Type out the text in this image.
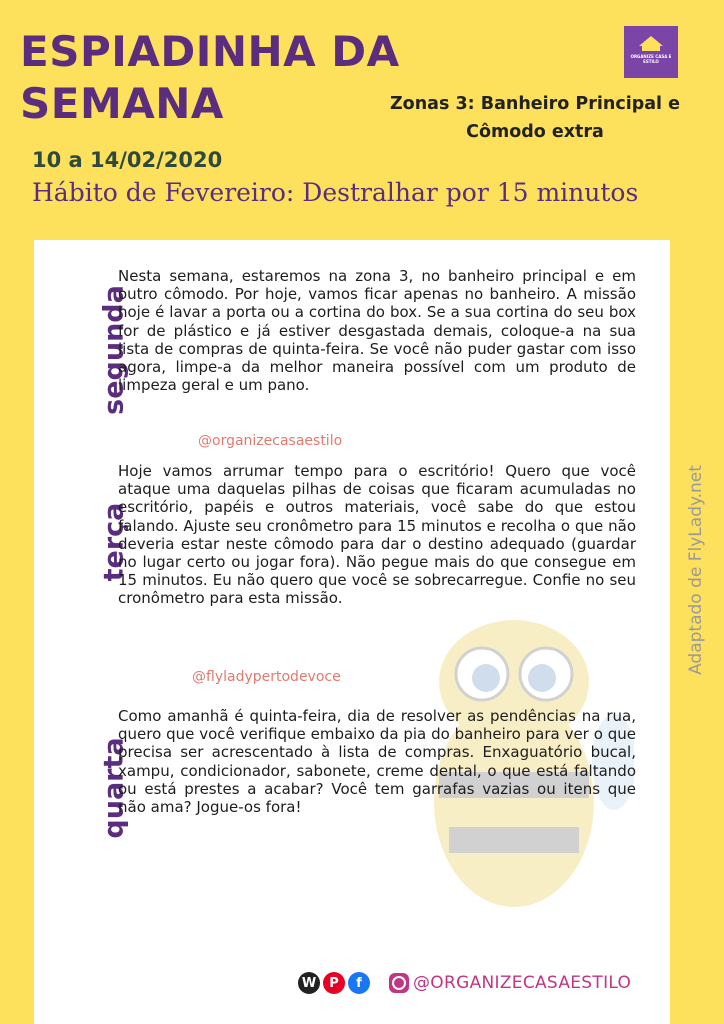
ESPIADINHA DA
SEMANA
ORGANIZE CASA E ESTILO
Zonas 3: Banheiro Principal e
Cômodo extra
10 a 14/02/2020
Hábito de Fevereiro: Destralhar por 15 minutos
Adaptado de FlyLady.net
segunda

Nesta semana, estaremos na zona 3, no banheiro principal e em outro cômodo. Por hoje, vamos ficar apenas no banheiro. A missão hoje é lavar a porta ou a cortina do box. Se a sua cortina do seu box for de plástico e já estiver desgastada demais, coloque-a na sua lista de compras de quinta-feira. Se você não puder gastar com isso agora, limpe-a da melhor maneira possível com um produto de limpeza geral e um pano.

@organizecasaestilo
terça

Hoje vamos arrumar tempo para o escritório! Quero que você ataque uma daquelas pilhas de coisas que ficaram acumuladas no escritório, papéis e outros materiais, você sabe do que estou falando. Ajuste seu cronômetro para 15 minutos e recolha o que não deveria estar neste cômodo para dar o destino adequado (guardar no lugar certo ou jogar fora). Não pegue mais do que consegue em 15 minutos. Eu não quero que você se sobrecarregue. Confie no seu cronômetro para esta missão.

@flyladypertodevoce
quarta

Como amanhã é quinta-feira, dia de resolver as pendências na rua, quero que você verifique embaixo da pia do banheiro para ver o que precisa ser acrescentado à lista de compras. Enxaguatório bucal, xampu, condicionador, sabonete, creme dental, o que está faltando ou está prestes a acabar? Você tem garrafas vazias ou itens que não ama? Jogue-os fora!

W	P	f	@ORGANIZECASAESTILO
